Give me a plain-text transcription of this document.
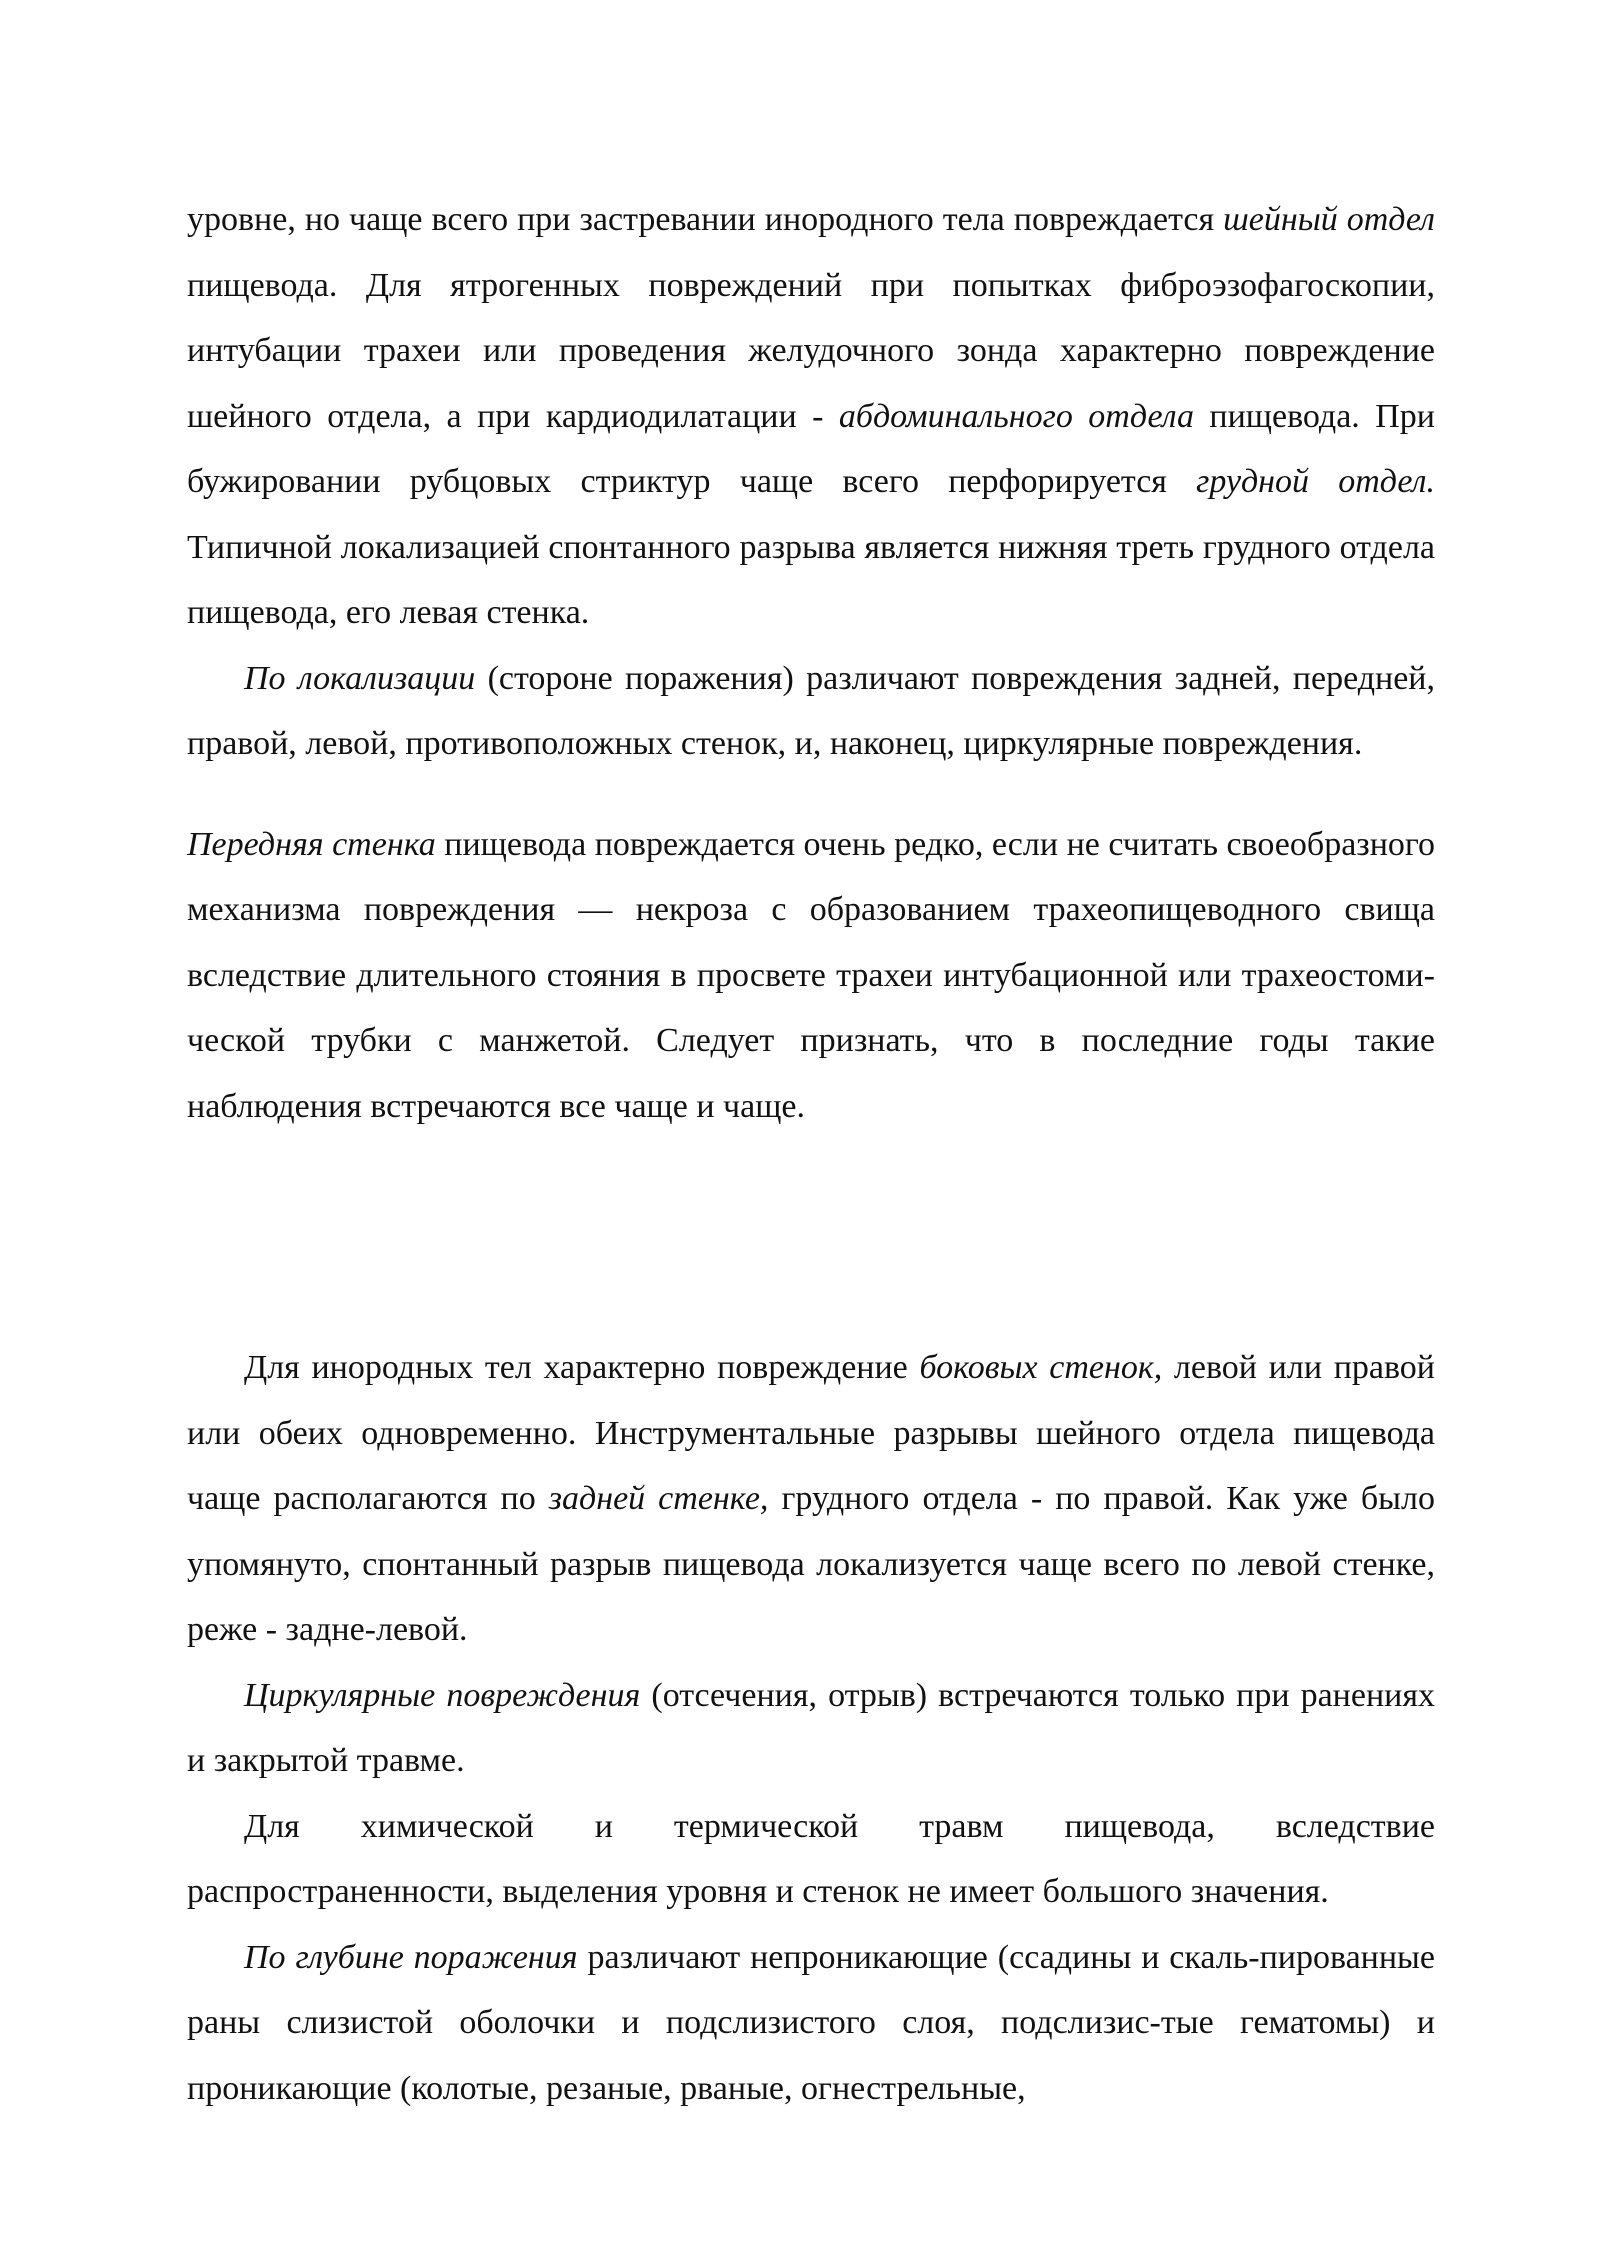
уровне, но чаще всего при застревании инородного тела повреждается шейный отдел пищевода. Для ятрогенных повреждений при попытках фиброэзофагоскопии, интубации трахеи или проведения желудочного зонда характерно повреждение шейного отдела, а при кардиодилатации - абдоминального отдела пищевода. При бужировании рубцовых стриктур чаще всего перфорируется грудной отдел. Типичной локализацией спонтанного разрыва является нижняя треть грудного отдела пищевода, его левая стенка.

По локализации (стороне поражения) различают повреждения задней, передней, правой, левой, противоположных стенок, и, наконец, циркулярные повреждения.

Передняя стенка пищевода повреждается очень редко, если не считать своеобразного механизма повреждения — некроза с образованием трахеопищеводного свища вследствие длительного стояния в просвете трахеи интубационной или трахеостоми-ческой трубки с манжетой. Следует признать, что в последние годы такие наблюдения встречаются все чаще и чаще.

Для инородных тел характерно повреждение боковых стенок, левой или правой или обеих одновременно. Инструментальные разрывы шейного отдела пищевода чаще располагаются по задней стенке, грудного отдела - по правой. Как уже было упомянуто, спонтанный разрыв пищевода локализуется чаще всего по левой стенке, реже - задне-левой.

Циркулярные повреждения (отсечения, отрыв) встречаются только при ранениях и закрытой травме.

Для химической и термической травм пищевода, вследствие распространенности, выделения уровня и стенок не имеет большого значения.

По глубине поражения различают непроникающие (ссадины и скаль-пированные раны слизистой оболочки и подслизистого слоя, подслизис-тые гематомы) и проникающие (колотые, резаные, рваные, огнестрельные,
